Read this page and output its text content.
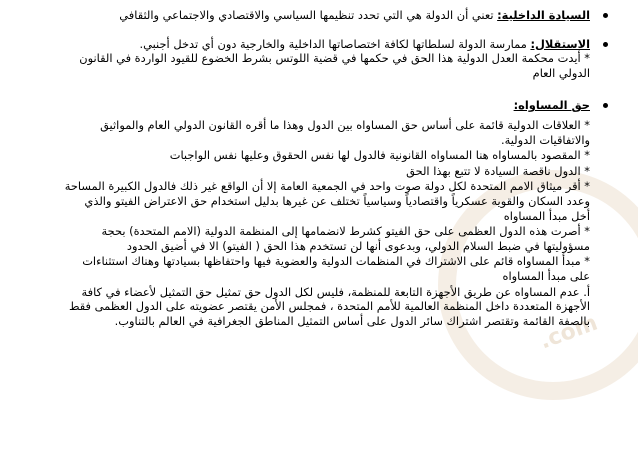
.com
السيادة الداخلية: تعني أن الدولة هي التي تحدد تنظيمها السياسي والاقتصادي والاجتماعي والثقافي
الاستقلال: ممارسة الدولة لسلطاتها لكافة اختصاصاتها الداخلية والخارجية دون أي تدخل أجنبي.
* أيدت محكمة العدل الدولية هذا الحق في حكمها في قضية اللوتس بشرط الخضوع للقيود الواردة في القانون الدولي العام
حق المساواه:
* العلاقات الدولية قائمة على أساس حق المساواه بين الدول وهذا ما أقره القانون الدولي العام والمواثيق والاتفاقيات الدولية.
* المقصود بالمساواه هنا المساواه القانونية فالدول لها نفس الحقوق وعليها نفس الواجبات
* الدول ناقصة السيادة لا تتبع بهذا الحق
* أقر ميثاق الامم المتحدة لكل دولة صوت واحد في الجمعية العامة إلا أن الواقع غير ذلك فالدول الكبيرة المساحة وعدد السكان والقوية عسكرياً واقتصادياً وسياسياً تختلف عن غيرها بدليل استخدام حق الاعتراض الفيتو والذي أخل مبدأ المساواه
* أصرت هذه الدول العظمى على حق الفيتو كشرط لانضمامها إلى المنظمة الدولية (الامم المتحدة) بحجة مسؤوليتها في ضبط السلام الدولي، وبدعوى أنها لن تستخدم هذا الحق ( الفيتو) الا في أضيق الحدود
* مبدأ المساواه قائم على الاشتراك في المنظمات الدولية والعضوية فيها واحتفاظها بسيادتها وهناك استثناءات على مبدأ المساواه
أ. عدم المساواه عن طريق الأجهزة التابعة للمنظمة، فليس لكل الدول حق تمثيل حق التمثيل لأعضاء في كافة الأجهزة المتعددة داخل المنظمة العالمية للأمم المتحدة ، فمجلس الأمن يقتصر عضويته على الدول العظمى فقط بالصفة القائمة وتقتصر اشتراك سائر الدول على أساس التمثيل المناطق الجغرافية في العالم بالتناوب.
